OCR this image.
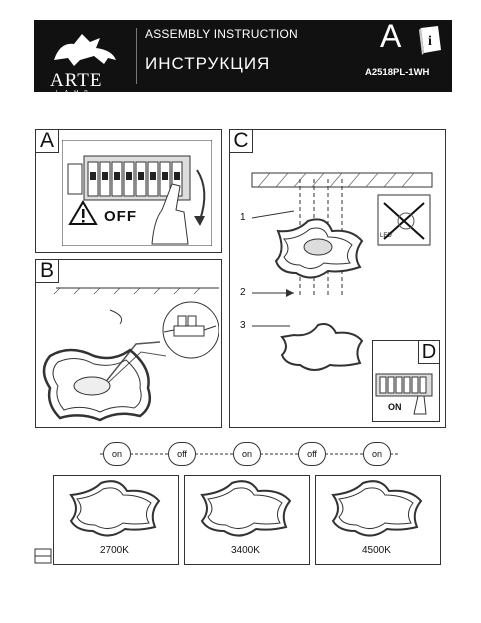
ARTE
LAMP
ASSEMBLY INSTRUCTION
ИНСТРУКЦИЯ
A i
A2518PL-1WH
A
OFF
B
C
1
2
3
LED
D
ON
on	off	on	off	on
2700K	3400K	4500K
